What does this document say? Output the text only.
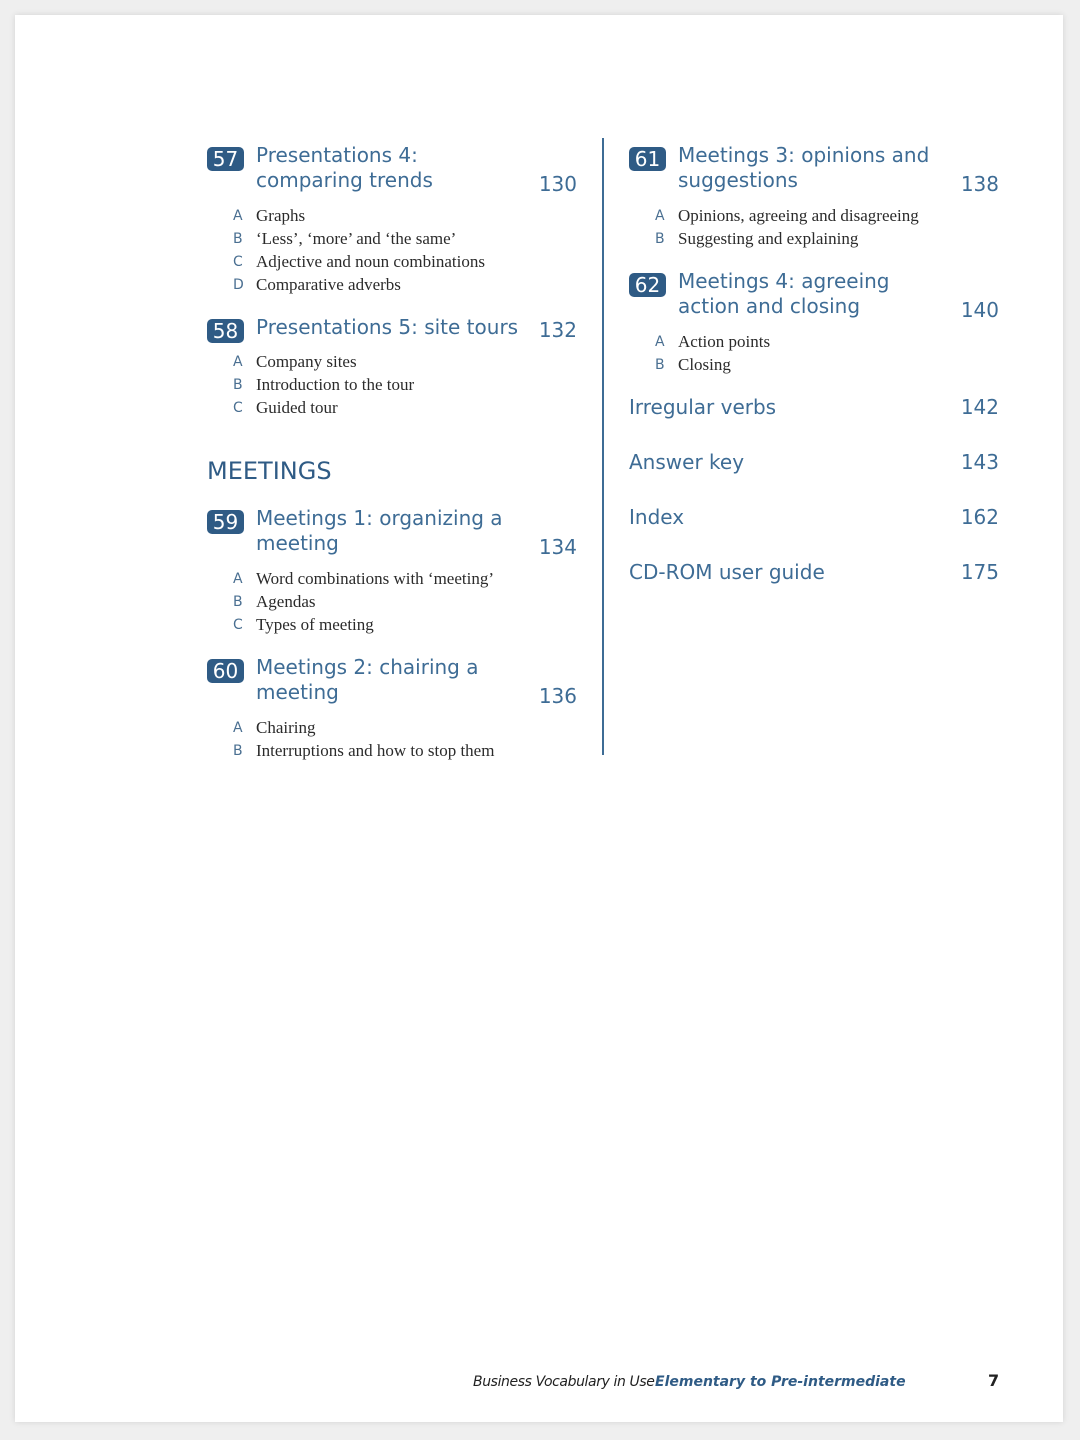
57 Presentations 4: comparing trends	130
A Graphs
B ‘Less’, ‘more’ and ‘the same’
C Adjective and noun combinations
D Comparative adverbs
58 Presentations 5: site tours	132
A Company sites
B Introduction to the tour
C Guided tour
MEETINGS
59 Meetings 1: organizing a meeting	134
A Word combinations with ‘meeting’
B Agendas
C Types of meeting
60 Meetings 2: chairing a meeting	136
A Chairing
B Interruptions and how to stop them
61 Meetings 3: opinions and suggestions	138
A Opinions, agreeing and disagreeing
B Suggesting and explaining
62 Meetings 4: agreeing action and closing	140
A Action points
B Closing
Irregular verbs	142
Answer key	143
Index	162
CD-ROM user guide	175
Business Vocabulary in Use Elementary to Pre-intermediate	7
